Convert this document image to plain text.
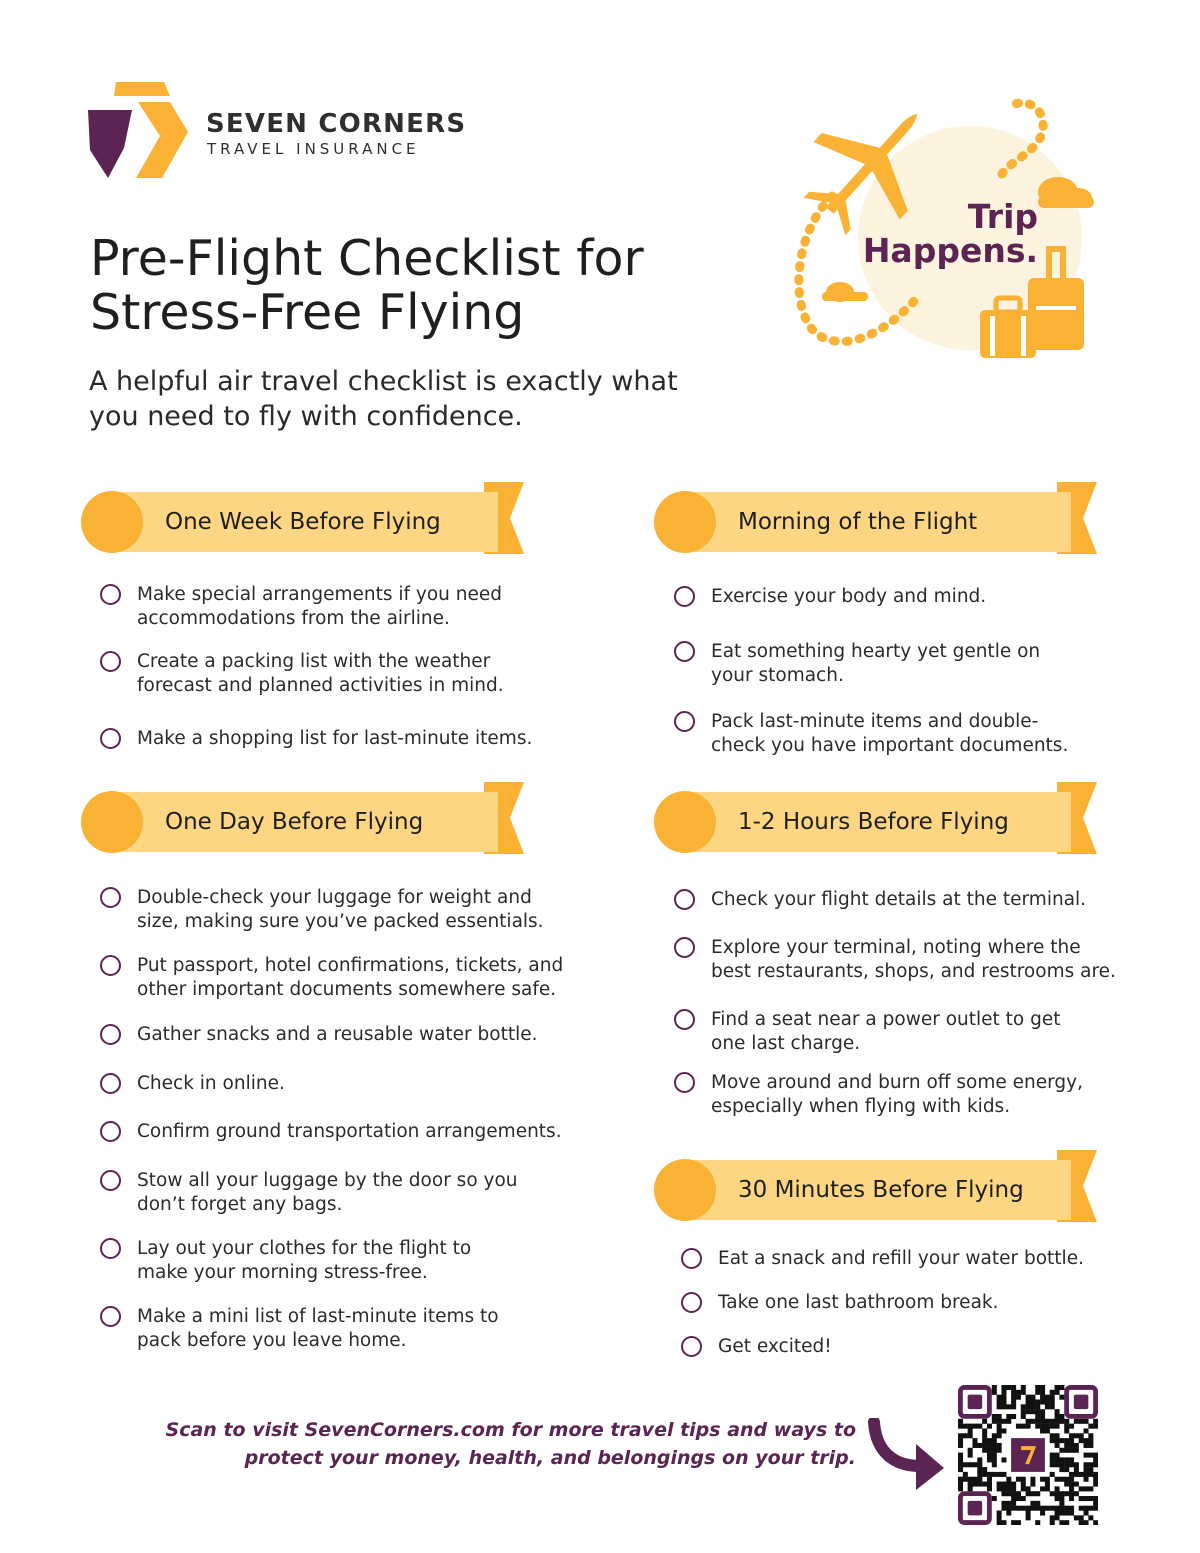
SEVEN CORNERS
TRAVEL INSURANCE
Pre-Flight Checklist for
Stress-Free Flying
A helpful air travel checklist is exactly what
you need to fly with confidence.
Trip
Happens.
One Week Before Flying
Make special arrangements if you need
accommodations from the airline.
Create a packing list with the weather
forecast and planned activities in mind.
Make a shopping list for last-minute items.
Morning of the Flight
Exercise your body and mind.
Eat something hearty yet gentle on
your stomach.
Pack last-minute items and double-
check you have important documents.
One Day Before Flying
Double-check your luggage for weight and
size, making sure you’ve packed essentials.
Put passport, hotel confirmations, tickets, and
other important documents somewhere safe.
Gather snacks and a reusable water bottle.
Check in online.
Confirm ground transportation arrangements.
Stow all your luggage by the door so you
don’t forget any bags.
Lay out your clothes for the flight to
make your morning stress-free.
Make a mini list of last-minute items to
pack before you leave home.
1-2 Hours Before Flying
Check your flight details at the terminal.
Explore your terminal, noting where the
best restaurants, shops, and restrooms are.
Find a seat near a power outlet to get
one last charge.
Move around and burn off some energy,
especially when flying with kids.
30 Minutes Before Flying
Eat a snack and refill your water bottle.
Take one last bathroom break.
Get excited!
Scan to visit SevenCorners.com for more travel tips and ways to
protect your money, health, and belongings on your trip.
